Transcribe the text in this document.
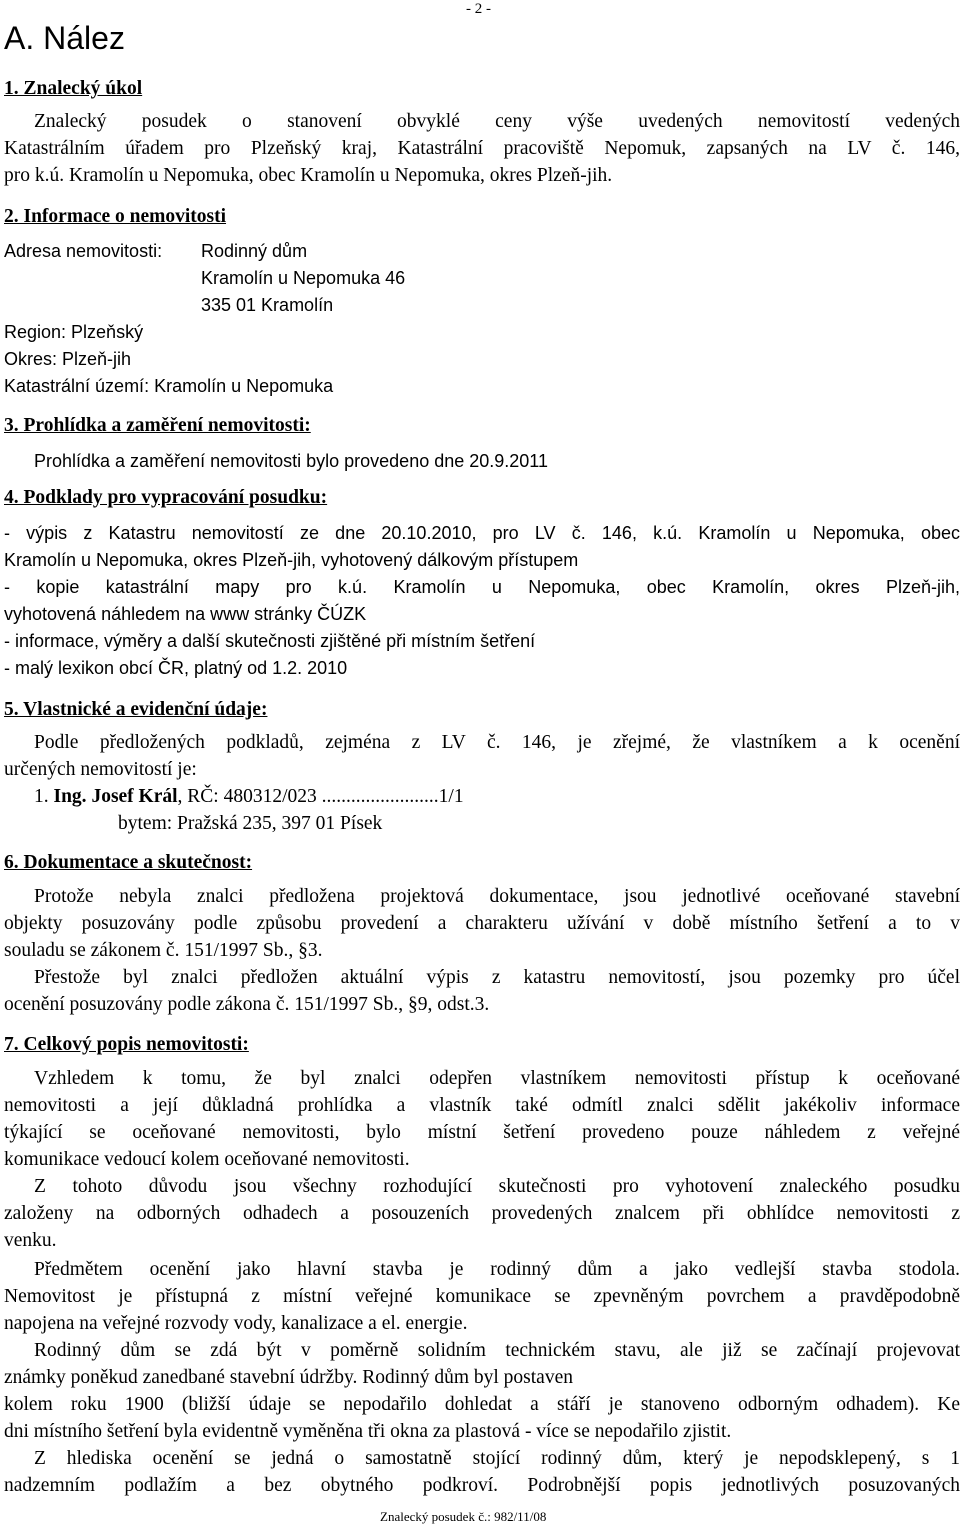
- 2 -
A. Nález
1. Znalecký úkol
Znalecký posudek o stanovení obvyklé ceny výše uvedených nemovitostí vedených
Katastrálním úřadem pro Plzeňský kraj, Katastrální pracoviště Nepomuk, zapsaných na LV č. 146,
pro k.ú. Kramolín u Nepomuka, obec Kramolín u Nepomuka, okres Plzeň-jih.
2. Informace o nemovitosti
Adresa nemovitosti:	Rodinný dům
Kramolín u Nepomuka 46
335 01 Kramolín
Region: Plzeňský
Okres: Plzeň-jih
Katastrální území: Kramolín u Nepomuka
3. Prohlídka a zaměření nemovitosti:
Prohlídka a zaměření nemovitosti bylo provedeno dne 20.9.2011
4. Podklady pro vypracování posudku:
- výpis z Katastru nemovitostí ze dne 20.10.2010, pro LV č. 146, k.ú. Kramolín u Nepomuka, obec
Kramolín u Nepomuka, okres Plzeň-jih, vyhotovený dálkovým přístupem
- kopie katastrální mapy pro k.ú. Kramolín u Nepomuka, obec Kramolín, okres Plzeň-jih,
vyhotovená náhledem na www stránky ČÚZK
- informace, výměry a další skutečnosti zjištěné při místním šetření
- malý lexikon obcí ČR, platný od 1.2. 2010
5. Vlastnické a evidenční údaje:
Podle předložených podkladů, zejména z LV č. 146, je zřejmé, že vlastníkem a k ocenění
určených nemovitostí je:
1. Ing. Josef Král, RČ: 480312/023 ........................1/1
bytem: Pražská 235, 397 01 Písek
6. Dokumentace a skutečnost:
Protože nebyla znalci předložena projektová dokumentace, jsou jednotlivé oceňované stavební
objekty posuzovány podle způsobu provedení a charakteru užívání v době místního šetření a to v
souladu se zákonem č. 151/1997 Sb., §3.
Přestože byl znalci předložen aktuální výpis z katastru nemovitostí, jsou pozemky pro účel
ocenění posuzovány podle zákona č. 151/1997 Sb., §9, odst.3.
7. Celkový popis nemovitosti:
Vzhledem k tomu, že byl znalci odepřen vlastníkem nemovitosti přístup k oceňované
nemovitosti a její důkladná prohlídka a vlastník také odmítl znalci sdělit jakékoliv informace
týkající se oceňované nemovitosti, bylo místní šetření provedeno pouze náhledem z veřejné
komunikace vedoucí kolem oceňované nemovitosti.
Z tohoto důvodu jsou všechny rozhodující skutečnosti pro vyhotovení znaleckého posudku
založeny na odborných odhadech a posouzeních provedených znalcem při obhlídce nemovitosti z
venku.
Předmětem ocenění jako hlavní stavba je rodinný dům a jako vedlejší stavba stodola.
Nemovitost je přístupná z místní veřejné komunikace se zpevněným povrchem a pravděpodobně
napojena na veřejné rozvody vody, kanalizace a el. energie.
Rodinný dům se zdá být v poměrně solidním technickém stavu, ale již se začínají projevovat
známky poněkud zanedbané stavební údržby. Rodinný dům byl postaven
kolem roku 1900 (bližší údaje se nepodařilo dohledat a stáří je stanoveno odborným odhadem). Ke
dni místního šetření byla evidentně vyměněna tři okna za plastová - více se nepodařilo zjistit.
Z hlediska ocenění se jedná o samostatně stojící rodinný dům, který je nepodsklepený, s 1
nadzemním podlažím a bez obytného podkroví. Podrobnější popis jednotlivých posuzovaných
Znalecký posudek č.: 982/11/08
